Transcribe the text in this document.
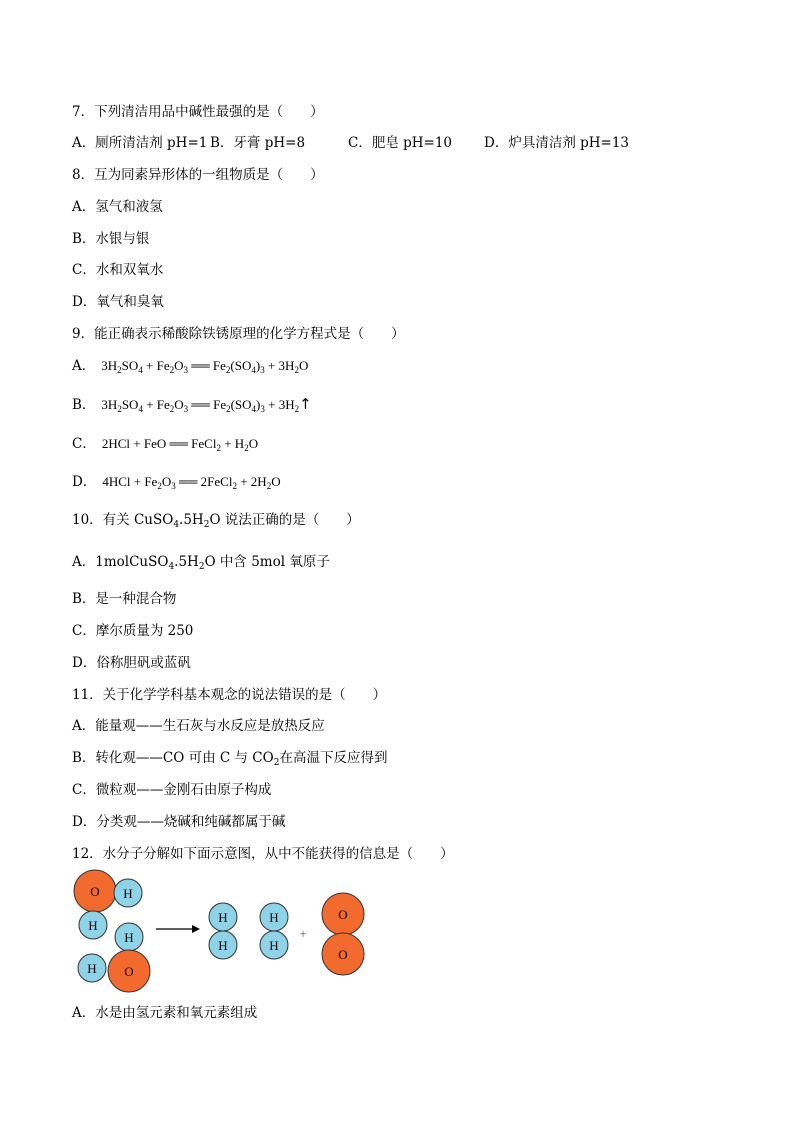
7．下列清洁用品中碱性最强的是（　　）
A．厕所清洁剂 pH=1 B．牙膏 pH=8	C．肥皂 pH=10 D．炉具清洁剂 pH=13
8．互为同素异形体的一组物质是（　　）
A．氢气和液氢
B．水银与银
C．水和双氧水
D．氧气和臭氧
9．能正确表示稀酸除铁锈原理的化学方程式是（　　）
A． $3H_2SO_4 + Fe_2O_3$ ══ $Fe_2(SO_4)_3 + 3H_2O$
B． $3H_2SO_4 + Fe_2O_3$ ══ $Fe_2(SO_4)_3$ + $3H_2↑$
C． 2HCl + FeO ══ FeCl$_2$ + $H_2O$
D． $4HCl + Fe_2O_3$ ══ 2FeCl$_2$ + $2H_2O$
10．有关 $CuSO_4.5H_2O$ 说法正确的是（　　）
A．$1molCuSO_4.5H_2O$ 中含 5mol 氧原子
B．是一种混合物
C．摩尔质量为 250
D．俗称胆矾或蓝矾
11．关于化学学科基本观念的说法错误的是（　　）
A．能量观——生石灰与水反应是放热反应
B．转化观——CO 可由 C 与 $CO_2$在高温下反应得到
C．微粒观——金刚石由原子构成
D．分类观——烧碱和纯碱都属于碱
12．水分子分解如下面示意图，从中不能获得的信息是（　　）
O H
H
H
H O
H
H
H
H
+
O
O
A．水是由氢元素和氧元素组成
